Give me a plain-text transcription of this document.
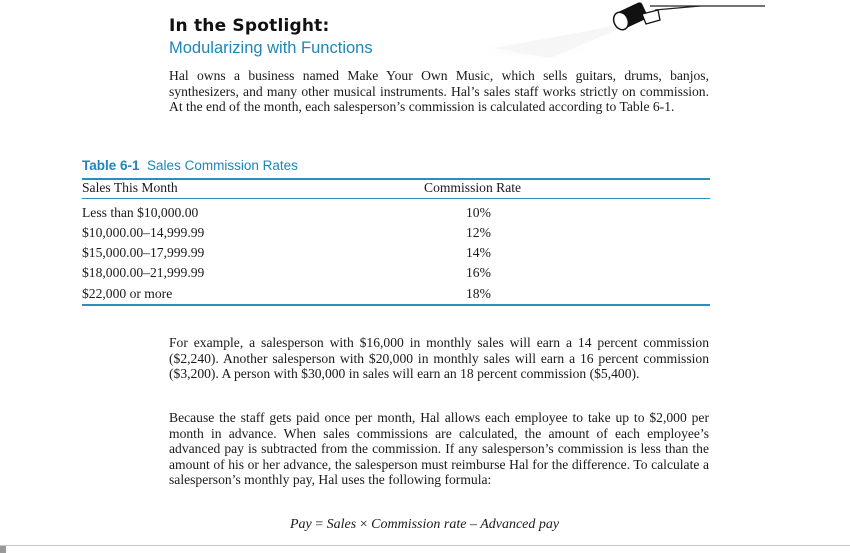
In the Spotlight:
Modularizing with Functions
Hal owns a business named Make Your Own Music, which sells guitars, drums, banjos, synthesizers, and many other musical instruments. Hal’s sales staff works strictly on commission. At the end of the month, each salesperson’s commission is calculated according to Table 6-1.
Table 6-1 Sales Commission Rates
Sales This Month	Commission Rate
Less than $10,000.00	10%
$10,000.00–14,999.99	12%
$15,000.00–17,999.99	14%
$18,000.00–21,999.99	16%
$22,000 or more	18%
For example, a salesperson with $16,000 in monthly sales will earn a 14 percent commission ($2,240). Another salesperson with $20,000 in monthly sales will earn a 16 percent commission ($3,200). A person with $30,000 in sales will earn an 18 percent commission ($5,400).
Because the staff gets paid once per month, Hal allows each employee to take up to $2,000 per month in advance. When sales commissions are calculated, the amount of each employee’s advanced pay is subtracted from the commission. If any salesperson’s commission is less than the amount of his or her advance, the salesperson must reimburse Hal for the difference. To calculate a salesperson’s monthly pay, Hal uses the following formula:
Pay = Sales × Commission rate – Advanced pay
